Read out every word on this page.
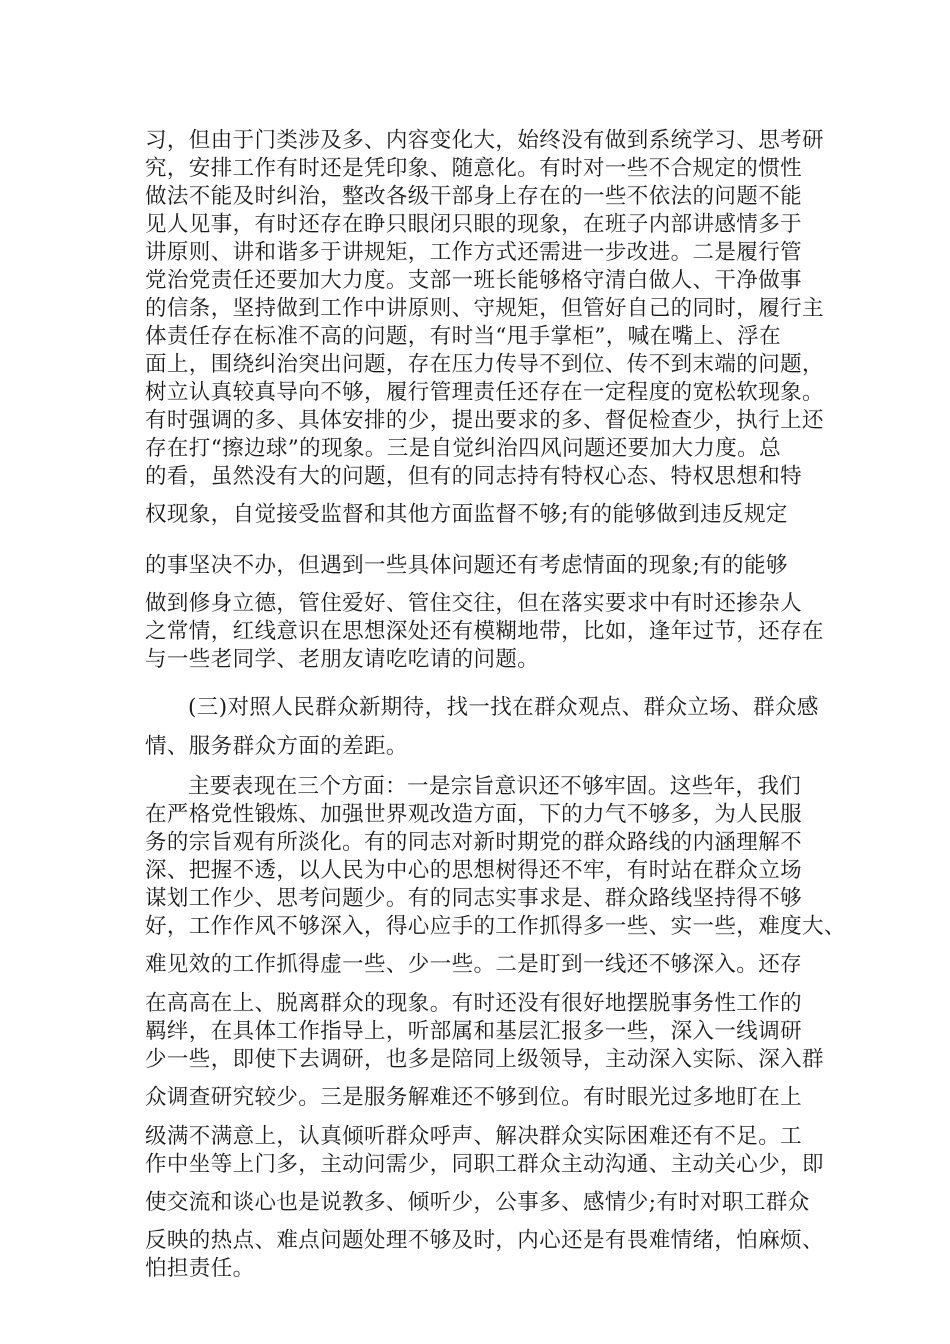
习，但由于门类涉及多、内容变化大，始终没有做到系统学习、思考研
究，安排工作有时还是凭印象、随意化。有时对一些不合规定的惯性
做法不能及时纠治，整改各级干部身上存在的一些不依法的问题不能
见人见事，有时还存在睁只眼闭只眼的现象，在班子内部讲感情多于
讲原则、讲和谐多于讲规矩，工作方式还需进一步改进。二是履行管
党治党责任还要加大力度。支部一班长能够格守清白做人、干净做事
的信条，坚持做到工作中讲原则、守规矩，但管好自己的同时，履行主
体责任存在标准不高的问题，有时当“甩手掌柜”，喊在嘴上、浮在
面上，围绕纠治突出问题，存在压力传导不到位、传不到末端的问题，
树立认真较真导向不够，履行管理责任还存在一定程度的宽松软现象。
有时强调的多、具体安排的少，提出要求的多、督促检查少，执行上还
存在打“擦边球”的现象。三是自觉纠治四风问题还要加大力度。总
的看，虽然没有大的问题，但有的同志持有特权心态、特权思想和特
权现象，自觉接受监督和其他方面监督不够;有的能够做到违反规定
的事坚决不办，但遇到一些具体问题还有考虑情面的现象;有的能够
做到修身立德，管住爱好、管住交往，但在落实要求中有时还掺杂人
之常情，红线意识在思想深处还有模糊地带，比如，逢年过节，还存在
与一些老同学、老朋友请吃吃请的问题。
(三)对照人民群众新期待，找一找在群众观点、群众立场、群众感
情、服务群众方面的差距。
主要表现在三个方面：一是宗旨意识还不够牢固。这些年，我们
在严格党性锻炼、加强世界观改造方面，下的力气不够多，为人民服
务的宗旨观有所淡化。有的同志对新时期党的群众路线的内涵理解不
深、把握不透，以人民为中心的思想树得还不牢，有时站在群众立场
谋划工作少、思考问题少。有的同志实事求是、群众路线坚持得不够
好，工作作风不够深入，得心应手的工作抓得多一些、实一些，难度大、
难见效的工作抓得虚一些、少一些。二是盯到一线还不够深入。还存
在高高在上、脱离群众的现象。有时还没有很好地摆脱事务性工作的
羁绊，在具体工作指导上，听部属和基层汇报多一些，深入一线调研
少一些，即使下去调研，也多是陪同上级领导，主动深入实际、深入群
众调查研究较少。三是服务解难还不够到位。有时眼光过多地盯在上
级满不满意上，认真倾听群众呼声、解决群众实际困难还有不足。工
作中坐等上门多，主动问需少，同职工群众主动沟通、主动关心少，即
使交流和谈心也是说教多、倾听少，公事多、感情少;有时对职工群众
反映的热点、难点问题处理不够及时，内心还是有畏难情绪，怕麻烦、
怕担责任。
